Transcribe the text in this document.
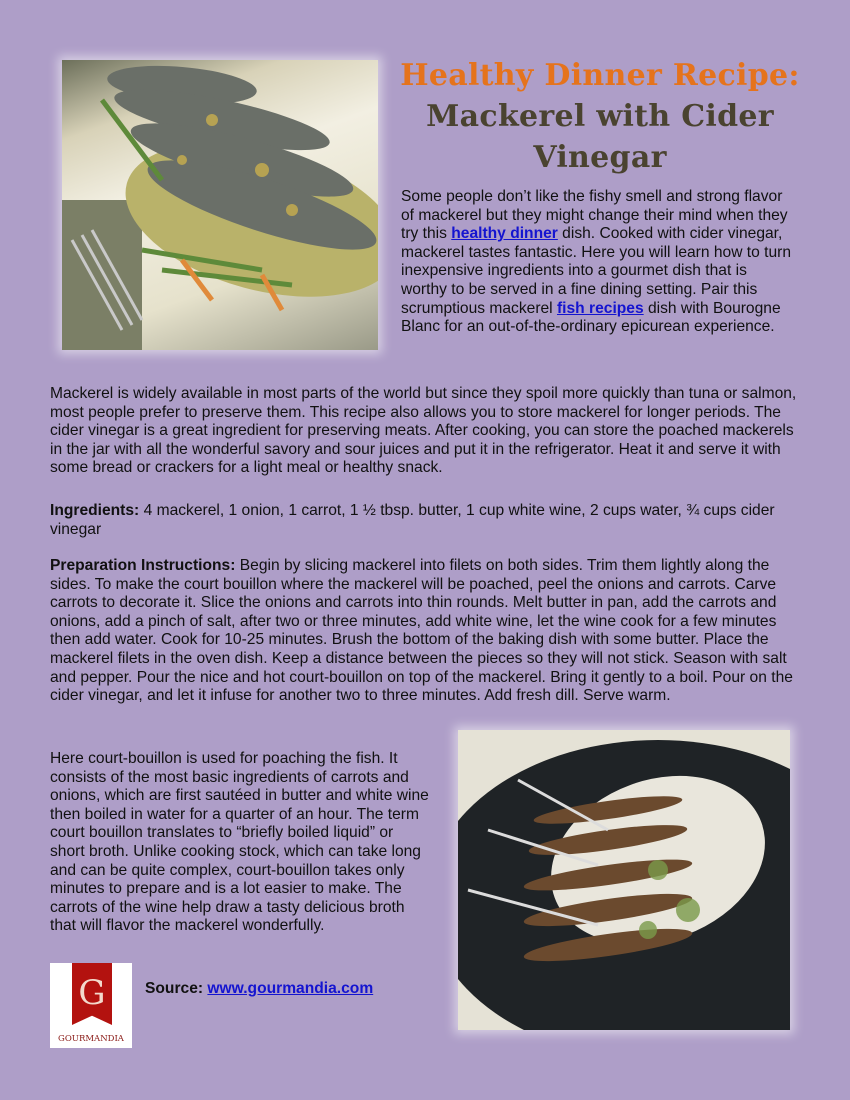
Healthy Dinner Recipe: Mackerel with Cider Vinegar

Some people don’t like the fishy smell and strong flavor of mackerel but they might change their mind when they try this healthy dinner dish. Cooked with cider vinegar, mackerel tastes fantastic. Here you will learn how to turn inexpensive ingredients into a gourmet dish that is worthy to be served in a fine dining setting. Pair this scrumptious mackerel fish recipes dish with Bourogne Blanc for an out-of-the-ordinary epicurean experience.

Mackerel is widely available in most parts of the world but since they spoil more quickly than tuna or salmon, most people prefer to preserve them. This recipe also allows you to store mackerel for longer periods. The cider vinegar is a great ingredient for preserving meats. After cooking, you can store the poached mackerels in the jar with all the wonderful savory and sour juices and put it in the refrigerator. Heat it and serve it with some bread or crackers for a light meal or healthy snack.

Ingredients: 4 mackerel, 1 onion, 1 carrot, 1 ½ tbsp. butter, 1 cup white wine, 2 cups water, ¾ cups cider vinegar

Preparation Instructions: Begin by slicing mackerel into filets on both sides. Trim them lightly along the sides. To make the court bouillon where the mackerel will be poached, peel the onions and carrots. Carve carrots to decorate it. Slice the onions and carrots into thin rounds. Melt butter in pan, add the carrots and onions, add a pinch of salt, after two or three minutes, add white wine, let the wine cook for a few minutes then add water. Cook for 10-25 minutes. Brush the bottom of the baking dish with some butter. Place the mackerel filets in the oven dish. Keep a distance between the pieces so they will not stick. Season with salt and pepper. Pour the nice and hot court-bouillon on top of the mackerel. Bring it gently to a boil. Pour on the cider vinegar, and let it infuse for another two to three minutes. Add fresh dill. Serve warm.

Here court-bouillon is used for poaching the fish. It consists of the most basic ingredients of carrots and onions, which are first sautéed in butter and white wine then boiled in water for a quarter of an hour. The term court bouillon translates to “briefly boiled liquid” or short broth. Unlike cooking stock, which can take long and can be quite complex, court-bouillon takes only minutes to prepare and is a lot easier to make. The carrots of the wine help draw a tasty delicious broth that will flavor the mackerel wonderfully.

G
GOURMANDIA

Source: www.gourmandia.com
